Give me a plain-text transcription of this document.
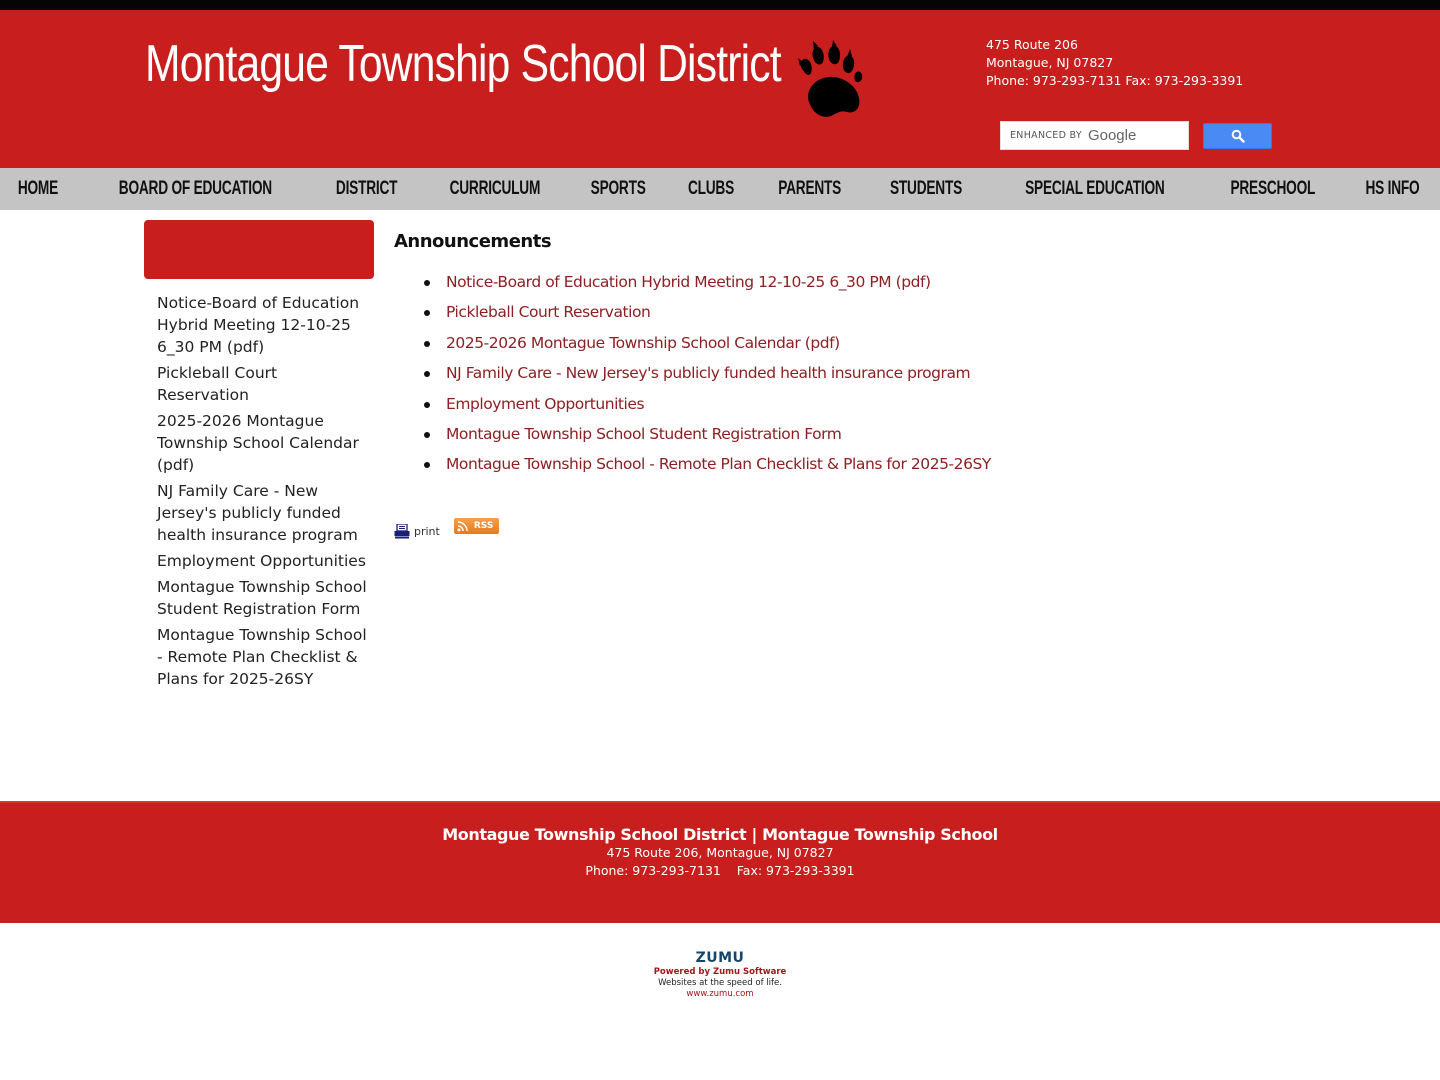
Montague Township School District	475 Route 206
Montague, NJ 07827
Phone: 973-293-7131 Fax: 973-293-3391
ENHANCED BY Google
HOME	BOARD OF EDUCATION	DISTRICT	CURRICULUM	SPORTS CLUBS PARENTS	STUDENTS	SPECIAL EDUCATION	PRESCHOOL	HS INFO
Notice-Board of Education Hybrid Meeting 12-10-25 6_30 PM (pdf)
Pickleball Court Reservation
2025-2026 Montague Township School Calendar (pdf)
NJ Family Care - New Jersey's publicly funded health insurance program
Employment Opportunities
Montague Township School Student Registration Form
Montague Township School - Remote Plan Checklist & Plans for 2025-26SY
Announcements
Notice-Board of Education Hybrid Meeting 12-10-25 6_30 PM (pdf)
Pickleball Court Reservation
2025-2026 Montague Township School Calendar (pdf)
NJ Family Care - New Jersey's publicly funded health insurance program
Employment Opportunities
Montague Township School Student Registration Form
Montague Township School - Remote Plan Checklist & Plans for 2025-26SY
print	RSS
Montague Township School District | Montague Township School
475 Route 206, Montague, NJ 07827
Phone: 973-293-7131    Fax: 973-293-3391
ZUMU
Powered by Zumu Software
Websites at the speed of life.
www.zumu.com
